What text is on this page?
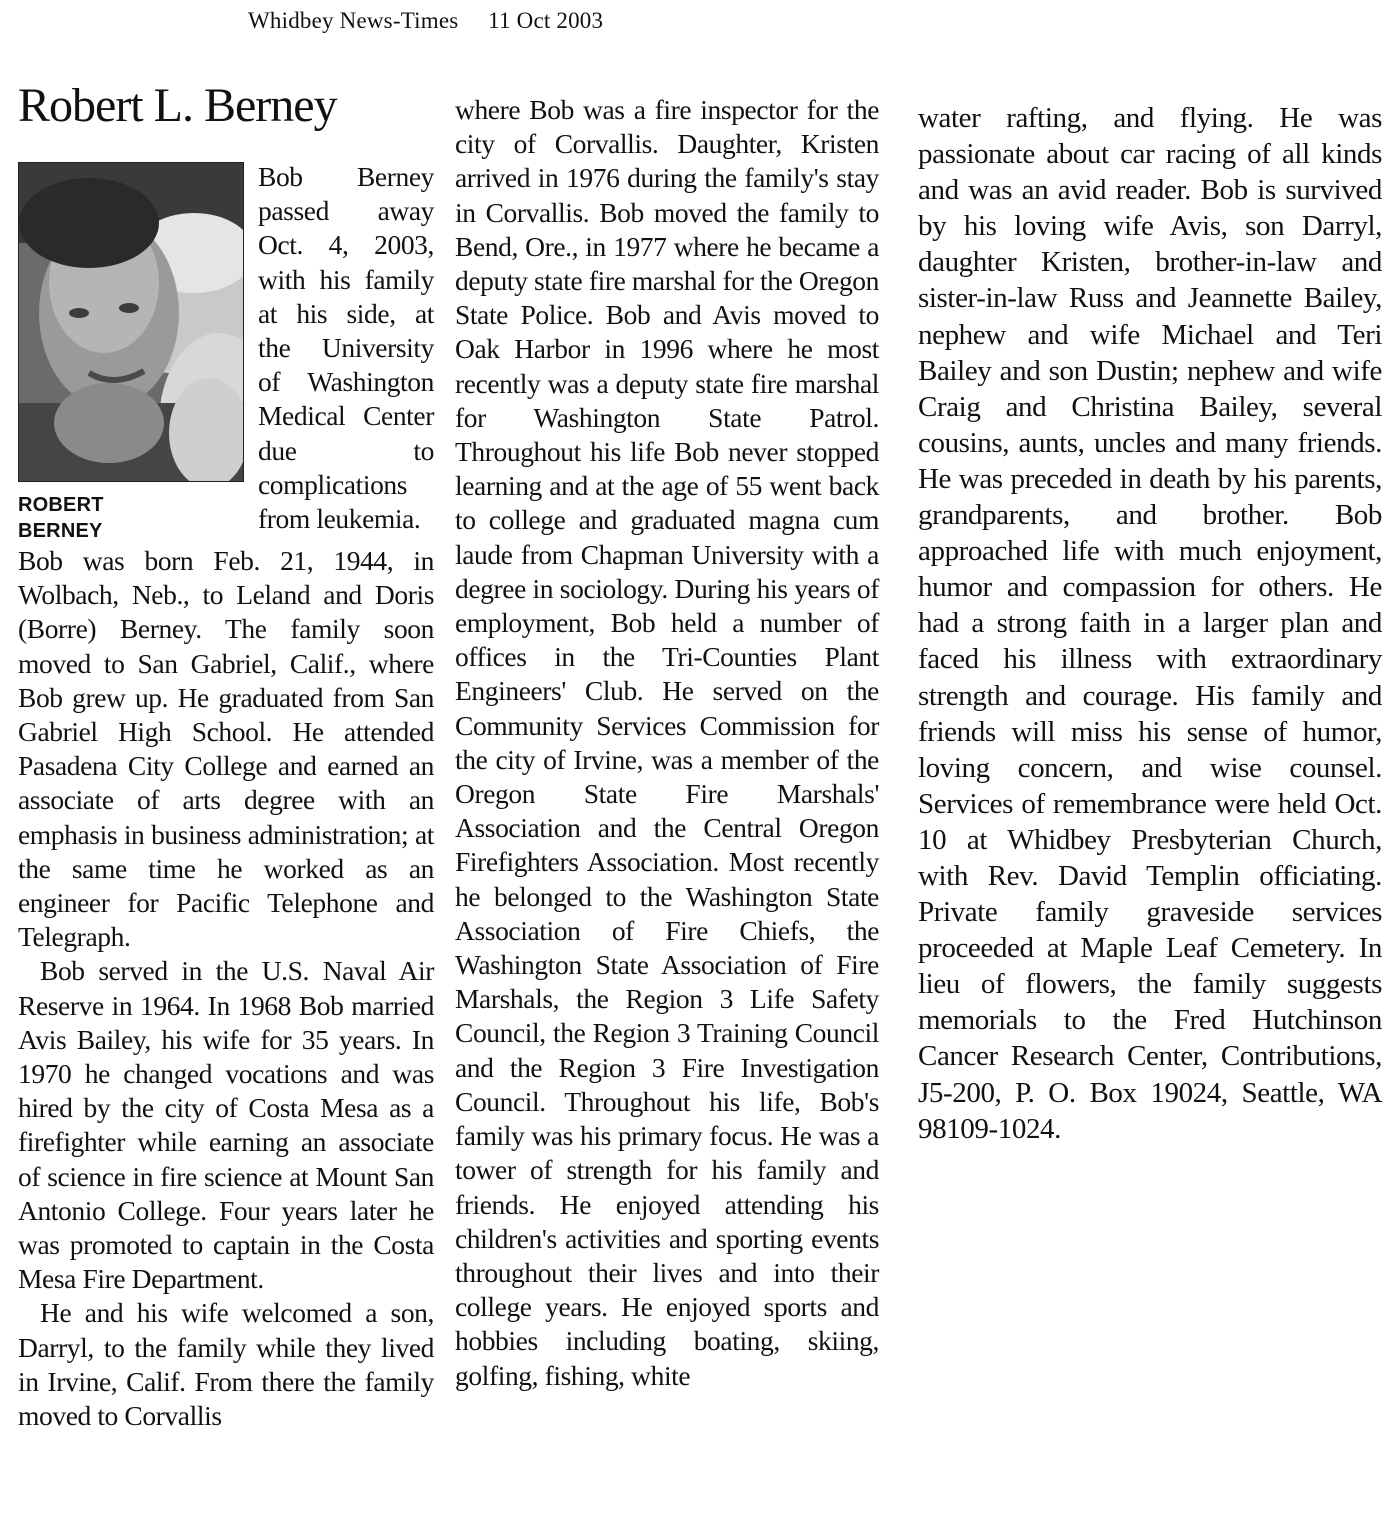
Whidbey News-Times 11 Oct 2003
Robert L. Berney
ROBERT
BERNEY

Bob Berney passed away Oct. 4, 2003, with his family at his side, at the University of Washington Medical Center due to complications from leukemia.

Bob was born Feb. 21, 1944, in Wolbach, Neb., to Leland and Doris (Borre) Berney. The family soon moved to San Gabriel, Calif., where Bob grew up. He graduated from San Gabriel High School. He attended Pasadena City College and earned an associate of arts degree with an emphasis in business administration; at the same time he worked as an engineer for Pacific Telephone and Telegraph.

Bob served in the U.S. Naval Air Reserve in 1964. In 1968 Bob married Avis Bailey, his wife for 35 years. In 1970 he changed vocations and was hired by the city of Costa Mesa as a firefighter while earning an associate of science in fire science at Mount San Antonio College. Four years later he was promoted to captain in the Costa Mesa Fire Department.

He and his wife welcomed a son, Darryl, to the family while they lived in Irvine, Calif. From there the family moved to Corvallis

where Bob was a fire inspector for the city of Corvallis. Daughter, Kristen arrived in 1976 during the family's stay in Corvallis. Bob moved the family to Bend, Ore., in 1977 where he became a deputy state fire marshal for the Oregon State Police. Bob and Avis moved to Oak Harbor in 1996 where he most recently was a deputy state fire marshal for Washington State Patrol. Throughout his life Bob never stopped learning and at the age of 55 went back to college and graduated magna cum laude from Chapman University with a degree in sociology. During his years of employment, Bob held a number of offices in the Tri-Counties Plant Engineers' Club. He served on the Community Services Commission for the city of Irvine, was a member of the Oregon State Fire Marshals' Association and the Central Oregon Firefighters Association. Most recently he belonged to the Washington State Association of Fire Chiefs, the Washington State Association of Fire Marshals, the Region 3 Life Safety Council, the Region 3 Training Council and the Region 3 Fire Investigation Council. Throughout his life, Bob's family was his primary focus. He was a tower of strength for his family and friends. He enjoyed attending his children's activities and sporting events throughout their lives and into their college years. He enjoyed sports and hobbies including boating, skiing, golfing, fishing, white

water rafting, and flying. He was passionate about car racing of all kinds and was an avid reader. Bob is survived by his loving wife Avis, son Darryl, daughter Kristen, brother-in-law and sister-in-law Russ and Jeannette Bailey, nephew and wife Michael and Teri Bailey and son Dustin; nephew and wife Craig and Christina Bailey, several cousins, aunts, uncles and many friends. He was preceded in death by his parents, grandparents, and brother. Bob approached life with much enjoyment, humor and compassion for others. He had a strong faith in a larger plan and faced his illness with extraordinary strength and courage. His family and friends will miss his sense of humor, loving concern, and wise counsel. Services of remembrance were held Oct. 10 at Whidbey Presbyterian Church, with Rev. David Templin officiating. Private family graveside services proceeded at Maple Leaf Cemetery. In lieu of flowers, the family suggests memorials to the Fred Hutchinson Cancer Research Center, Contributions, J5-200, P. O. Box 19024, Seattle, WA 98109-1024.
